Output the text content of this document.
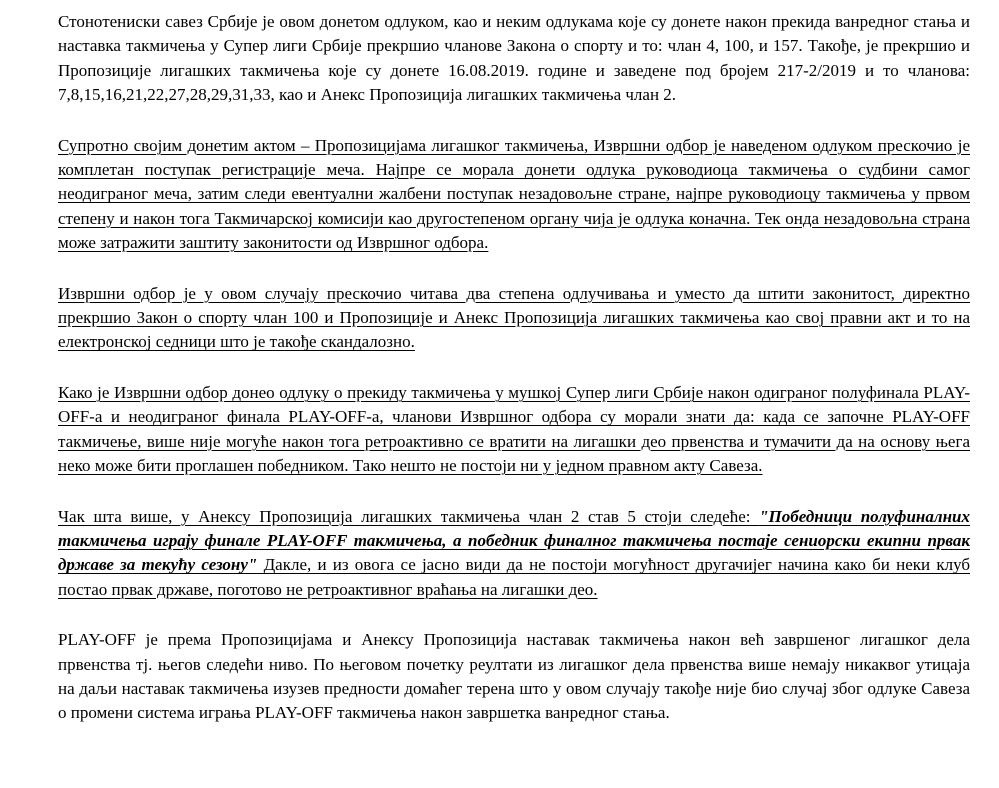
Стонотениски савез Србије је овом донетом одлуком, као и неким одлукама које су донете након прекида ванредног стања и наставка такмичења у Супер лиги Србије прекршио чланове Закона о спорту и то: члан 4, 100, и 157. Такође, је прекршио и Пропозиције лигашких такмичења које су донете 16.08.2019. године и заведене под бројем 217-2/2019 и то чланова: 7,8,15,16,21,22,27,28,29,31,33, као и Анекс Пропозиција лигашких такмичења члан 2.

Супротно својим донетим актом – Пропозицијама лигашког такмичења, Извршни одбор је наведеном одлуком прескочио је комплетан поступак регистрације меча. Најпре се морала донети одлука руководиоца такмичења о судбини самог неодиграног меча, затим следи евентуални жалбени поступак незадовољне стране, најпре руководиоцу такмичења у првом степену и након тога Такмичарској комисији као другостепеном органу чија је одлука коначна. Тек онда незадовољна страна може затражити заштиту законитости од Извршног одбора.

Извршни одбор је у овом случају прескочио читава два степена одлучивања и уместо да штити законитост, директно прекршио Закон о спорту члан 100 и Пропозиције и Анекс Пропозиција лигашких такмичења као свој правни акт и то на електронској седници што је такође скандалозно.

Како је Извршни одбор донео одлуку о прекиду такмичења у мушкој Супер лиги Србије након одиграног полуфинала PLAY-OFF-а и неодиграног финала PLAY-OFF-а, чланови Извршног одбора су морали знати да: када се започне PLAY-OFF такмичење, више није могуће након тога ретроактивно се вратити на лигашки део првенства и тумачити да на основу њега неко може бити проглашен победником. Тако нешто не постоји ни у једном правном акту Савеза.

Чак шта више, у Анексу Пропозиција лигашких такмичења члан 2 став 5 стоји следеће: "Победници полуфиналних такмичења играју финале PLAY-OFF такмичења, а победник финалног такмичења постаје сениорски екипни првак државе за текућу сезону" Дакле, и из овога се јасно види да не постоји могућност другачијег начина како би неки клуб постао првак државе, поготово не ретроактивног враћања на лигашки део.

PLAY-OFF је према Пропозицијама и Анексу Пропозиција наставак такмичења након већ завршеног лигашког дела првенства тј. његов следећи ниво. По његовом почетку реултати из лигашког дела првенства више немају никаквог утицаја на даљи наставак такмичења изузев предности домаћег терена што у овом случају такође није био случај због одлуке Савеза о промени система играња PLAY-OFF такмичења након завршетка ванредног стања.
